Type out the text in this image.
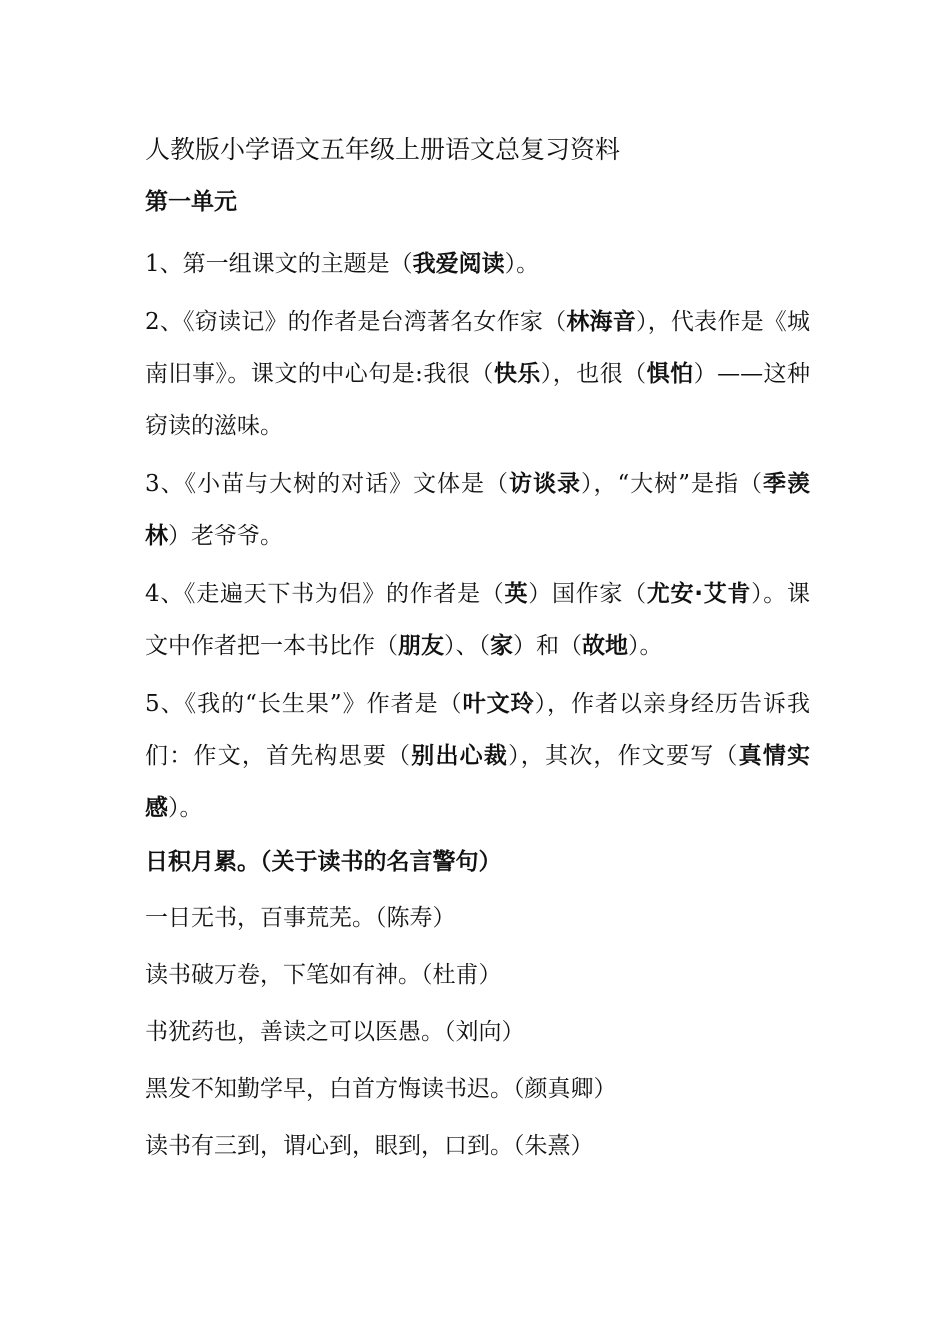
人教版小学语文五年级上册语文总复习资料
第一单元

1、第一组课文的主题是（我爱阅读）。

2、《窃读记》的作者是台湾著名女作家（林海音），代表作是《城南旧事》。课文的中心句是:我很（快乐），也很（惧怕）——这种窃读的滋味。

3、《小苗与大树的对话》文体是（访谈录），“大树”是指（季羡林）老爷爷。

4、《走遍天下书为侣》的作者是（英）国作家（尤安·艾肯）。课文中作者把一本书比作（朋友）、（家）和（故地）。

5、《我的“长生果”》作者是（叶文玲），作者以亲身经历告诉我们：作文，首先构思要（别出心裁），其次，作文要写（真情实感）。

日积月累。（关于读书的名言警句）

一日无书，百事荒芜。（陈寿）

读书破万卷，下笔如有神。（杜甫）

书犹药也，善读之可以医愚。（刘向）

黑发不知勤学早，白首方悔读书迟。（颜真卿）

读书有三到，谓心到，眼到，口到。（朱熹）
